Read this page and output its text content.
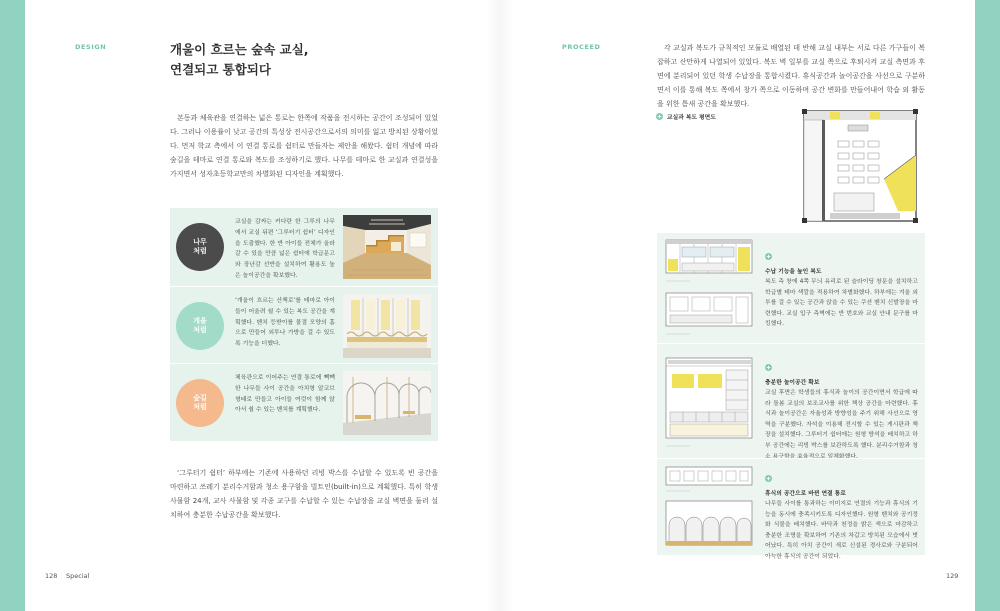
DESIGN	개울이 흐르는 숲속 교실,
연결되고 통합되다

본동과 체육관을 연결하는 넓은 통로는 한쪽에 작품을 전시하는 공간이 조성되어 있었다. 그러나 이용률이 낮고 공간의 특성상 전시공간으로서의 의미를 잃고 방치된 상황이었다. 먼저 학교 측에서 이 연결 통로를 쉼터로 만들자는 제안을 해왔다. 쉼터 개념에 따라 숲길을 테마로 연결 통로와 복도를 조성하기로 했다. 나무를 테마로 한 교실과 연결성을 가지면서 성자초등학교만의 차별화된 디자인을 계획했다.

나무
처럼
교실을 감싸는 커다란 한 그루의 나무에서 교실 뒤편 ‘그루터기 쉼터’ 디자인을 도출했다. 한 반 아이들 전체가 올라갈 수 있을 만큼 넓은 쉼터에 학급문고와 장난감 선반을 설치하여 활용도 높은 놀이공간을 확보했다.
개울
처럼
‘개울이 흐르는 산책로’를 테마로 아이들이 어울려 쉴 수 있는 복도 공간을 계획했다. 벤치 등받이를 물결 모양의 홈으로 만들어 외투나 가방을 걸 수 있도록 기능을 더했다.
숲길
처럼
체육관으로 이어주는 연결 통로에 빽빽한 나무들 사이 공간을 아치형 알코브 형태로 만들고 아이들 여럿이 함께 앉아서 쉴 수 있는 벤치를 계획했다.

‘그루터기 쉼터’ 하부에는 기존에 사용하던 리빙 박스를 수납할 수 있도록 빈 공간을 마련하고 쓰레기 분리수거함과 청소 용구함을 빌트인(built-in)으로 계획했다. 특히 학생 사물함 24개, 교사 사물함 및 각종 교구를 수납할 수 있는 수납장을 교실 벽면을 둘러 설치하여 충분한 수납공간을 확보했다.

128 Special
PROCEED	각 교실과 복도가 규칙적인 모듈로 배열된 데 반해 교실 내부는 서로 다른 가구들이 복잡하고 산만하게 나열되어 있었다. 복도 벽 일부를 교실 쪽으로 후퇴시켜 교실 측면과 후면에 분리되어 있던 학생 수납장을 통합시켰다. 휴식공간과 놀이공간을 사선으로 구분하면서 이를 통해 복도 쪽에서 창가 쪽으로 이동하며 공간 변화를 만들어내어 학습 외 활동을 위한 틈새 공간을 확보했다.

교실과 복도 평면도
수납 기능을 높인 복도
복도 측 창에 4쪽 무늬 유리로 된 슬라이딩 창문을 설치하고 학급별 테마 색깔을 적용하여 차별화했다. 하부에는 겨울 외투를 걸 수 있는 공간과 앉을 수 있는 쿠션 벤치 신발장을 마련했다. 교실 입구 측벽에는 반 번호와 교실 안내 문구를 마킹했다.
충분한 놀이공간 확보
교실 후면은 학생들의 휴식과 놀이의 공간이면서 학급에 따라 돌봄 교실의 보조교사를 위한 책상 공간을 마련했다. 휴식과 놀이공간은 자율성과 방향성을 주기 위해 사선으로 영역을 구분했다. 자석을 이용해 전시할 수 있는 게시판과 책장을 설치했다. 그루터기 쉼터에는 원형 방석을 배치하고 하부 공간에는 리빙 박스를 보관하도록 했다. 분리수거함과 청소 용구함을 효율적으로 일체화했다.
휴식의 공간으로 바뀐 연결 통로
나무들 사이를 통과하는 이미지로 연결의 기능과 휴식의 기능을 동시에 충족시키도록 디자인했다. 원형 벤치와 공기정화 식물을 배치했다. 바닥과 천정을 밝은 색으로 마감하고 충분한 조명을 확보하여 기존의 차갑고 방치된 모습에서 벗어났다. 특히 아치 공간이 새로 신설된 경사로와 구분되어 아늑한 휴식의 공간이 되었다.
129
